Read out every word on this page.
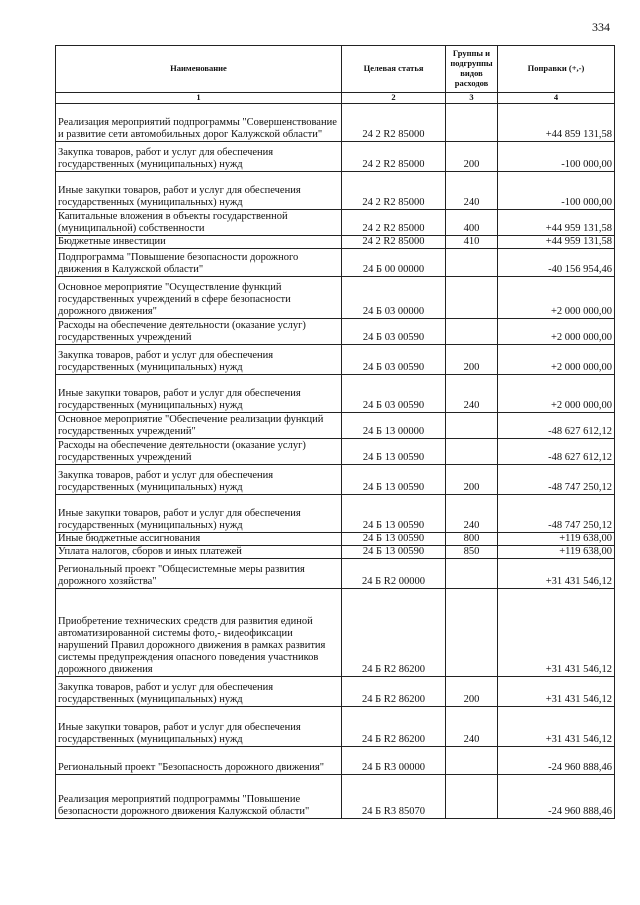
334
Наименование	Целевая статья	Группы и подгруппы видов расходов	Поправки (+,-)
1	2	3	4
Реализация мероприятий подпрограммы "Совершенствование и развитие сети автомобильных дорог Калужской области"	24 2 R2 85000		+44 859 131,58
Закупка товаров, работ и услуг для обеспечения государственных (муниципальных) нужд	24 2 R2 85000	200	-100 000,00
Иные закупки товаров, работ и услуг для обеспечения государственных (муниципальных) нужд	24 2 R2 85000	240	-100 000,00
Капитальные вложения в объекты государственной (муниципальной) собственности	24 2 R2 85000	400	+44 959 131,58
Бюджетные инвестиции	24 2 R2 85000	410	+44 959 131,58
Подпрограмма "Повышение безопасности дорожного движения в Калужской области"	24 Б 00 00000		-40 156 954,46
Основное мероприятие "Осуществление функций государственных учреждений в сфере безопасности дорожного движения"	24 Б 03 00000		+2 000 000,00
Расходы на обеспечение деятельности (оказание услуг) государственных учреждений	24 Б 03 00590		+2 000 000,00
Закупка товаров, работ и услуг для обеспечения государственных (муниципальных) нужд	24 Б 03 00590	200	+2 000 000,00
Иные закупки товаров, работ и услуг для обеспечения государственных (муниципальных) нужд	24 Б 03 00590	240	+2 000 000,00
Основное мероприятие "Обеспечение реализации функций государственных учреждений"	24 Б 13 00000		-48 627 612,12
Расходы на обеспечение деятельности (оказание услуг) государственных учреждений	24 Б 13 00590		-48 627 612,12
Закупка товаров, работ и услуг для обеспечения государственных (муниципальных) нужд	24 Б 13 00590	200	-48 747 250,12
Иные закупки товаров, работ и услуг для обеспечения государственных (муниципальных) нужд	24 Б 13 00590	240	-48 747 250,12
Иные бюджетные ассигнования	24 Б 13 00590	800	+119 638,00
Уплата налогов, сборов и иных платежей	24 Б 13 00590	850	+119 638,00
Региональный проект "Общесистемные меры развития дорожного хозяйства"	24 Б R2 00000		+31 431 546,12
Приобретение технических средств для развития единой автоматизированной системы фото,- видеофиксации нарушений Правил дорожного движения в рамках развития системы предупреждения опасного поведения участников дорожного движения	24 Б R2 86200		+31 431 546,12
Закупка товаров, работ и услуг для обеспечения государственных (муниципальных) нужд	24 Б R2 86200	200	+31 431 546,12
Иные закупки товаров, работ и услуг для обеспечения государственных (муниципальных) нужд	24 Б R2 86200	240	+31 431 546,12
Региональный проект "Безопасность дорожного движения"	24 Б R3 00000		-24 960 888,46
Реализация мероприятий подпрограммы "Повышение безопасности дорожного движения Калужской области"	24 Б R3 85070		-24 960 888,46
